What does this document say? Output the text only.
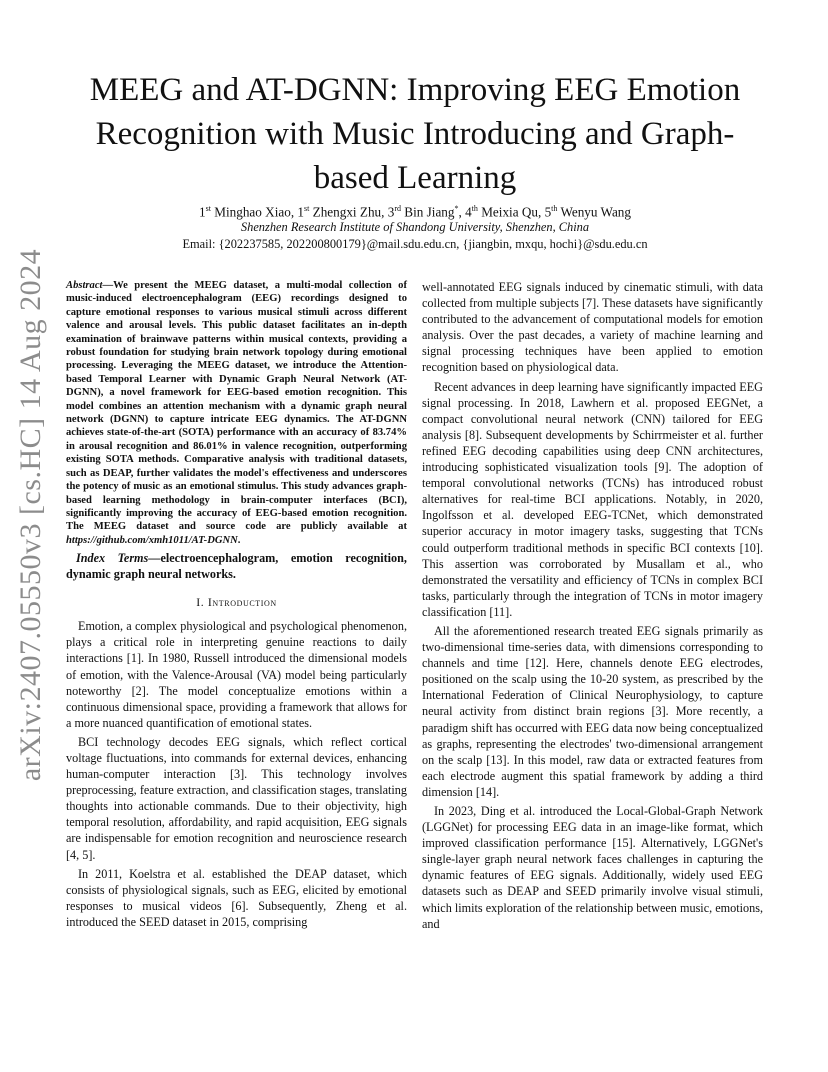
arXiv:2407.05550v3 [cs.HC] 14 Aug 2024
MEEG and AT-DGNN: Improving EEG Emotion Recognition with Music Introducing and Graph-based Learning
1st Minghao Xiao, 1st Zhengxi Zhu, 3rd Bin Jiang*, 4th Meixia Qu, 5th Wenyu Wang
Shenzhen Research Institute of Shandong University, Shenzhen, China
Email: {202237585, 202200800179}@mail.sdu.edu.cn, {jiangbin, mxqu, hochi}@sdu.edu.cn

Abstract—We present the MEEG dataset, a multi-modal collection of music-induced electroencephalogram (EEG) recordings designed to capture emotional responses to various musical stimuli across different valence and arousal levels. This public dataset facilitates an in-depth examination of brainwave patterns within musical contexts, providing a robust foundation for studying brain network topology during emotional processing. Leveraging the MEEG dataset, we introduce the Attention-based Temporal Learner with Dynamic Graph Neural Network (AT-DGNN), a novel framework for EEG-based emotion recognition. This model combines an attention mechanism with a dynamic graph neural network (DGNN) to capture intricate EEG dynamics. The AT-DGNN achieves state-of-the-art (SOTA) performance with an accuracy of 83.74% in arousal recognition and 86.01% in valence recognition, outperforming existing SOTA methods. Comparative analysis with traditional datasets, such as DEAP, further validates the model's effectiveness and underscores the potency of music as an emotional stimulus. This study advances graph-based learning methodology in brain-computer interfaces (BCI), significantly improving the accuracy of EEG-based emotion recognition. The MEEG dataset and source code are publicly available at https://github.com/xmh1011/AT-DGNN.

Index Terms—electroencephalogram, emotion recognition, dynamic graph neural networks.

I. Introduction

Emotion, a complex physiological and psychological phenomenon, plays a critical role in interpreting genuine reactions to daily interactions [1]. In 1980, Russell introduced the dimensional models of emotion, with the Valence-Arousal (VA) model being particularly noteworthy [2]. The model conceptualize emotions within a continuous dimensional space, providing a framework that allows for a more nuanced quantification of emotional states.

BCI technology decodes EEG signals, which reflect cortical voltage fluctuations, into commands for external devices, enhancing human-computer interaction [3]. This technology involves preprocessing, feature extraction, and classification stages, translating thoughts into actionable commands. Due to their objectivity, high temporal resolution, affordability, and rapid acquisition, EEG signals are indispensable for emotion recognition and neuroscience research [4, 5].

In 2011, Koelstra et al. established the DEAP dataset, which consists of physiological signals, such as EEG, elicited by emotional responses to musical videos [6]. Subsequently, Zheng et al. introduced the SEED dataset in 2015, comprising

well-annotated EEG signals induced by cinematic stimuli, with data collected from multiple subjects [7]. These datasets have significantly contributed to the advancement of computational models for emotion analysis. Over the past decades, a variety of machine learning and signal processing techniques have been applied to emotion recognition based on physiological data.

Recent advances in deep learning have significantly impacted EEG signal processing. In 2018, Lawhern et al. proposed EEGNet, a compact convolutional neural network (CNN) tailored for EEG analysis [8]. Subsequent developments by Schirrmeister et al. further refined EEG decoding capabilities using deep CNN architectures, introducing sophisticated visualization tools [9]. The adoption of temporal convolutional networks (TCNs) has introduced robust alternatives for real-time BCI applications. Notably, in 2020, Ingolfsson et al. developed EEG-TCNet, which demonstrated superior accuracy in motor imagery tasks, suggesting that TCNs could outperform traditional methods in specific BCI contexts [10]. This assertion was corroborated by Musallam et al., who demonstrated the versatility and efficiency of TCNs in complex BCI tasks, particularly through the integration of TCNs in motor imagery classification [11].

All the aforementioned research treated EEG signals primarily as two-dimensional time-series data, with dimensions corresponding to channels and time [12]. Here, channels denote EEG electrodes, positioned on the scalp using the 10-20 system, as prescribed by the International Federation of Clinical Neurophysiology, to capture neural activity from distinct brain regions [3]. More recently, a paradigm shift has occurred with EEG data now being conceptualized as graphs, representing the electrodes' two-dimensional arrangement on the scalp [13]. In this model, raw data or extracted features from each electrode augment this spatial framework by adding a third dimension [14].

In 2023, Ding et al. introduced the Local-Global-Graph Network (LGGNet) for processing EEG data in an image-like format, which improved classification performance [15]. Alternatively, LGGNet's single-layer graph neural network faces challenges in capturing the dynamic features of EEG signals. Additionally, widely used EEG datasets such as DEAP and SEED primarily involve visual stimuli, which limits exploration of the relationship between music, emotions, and
